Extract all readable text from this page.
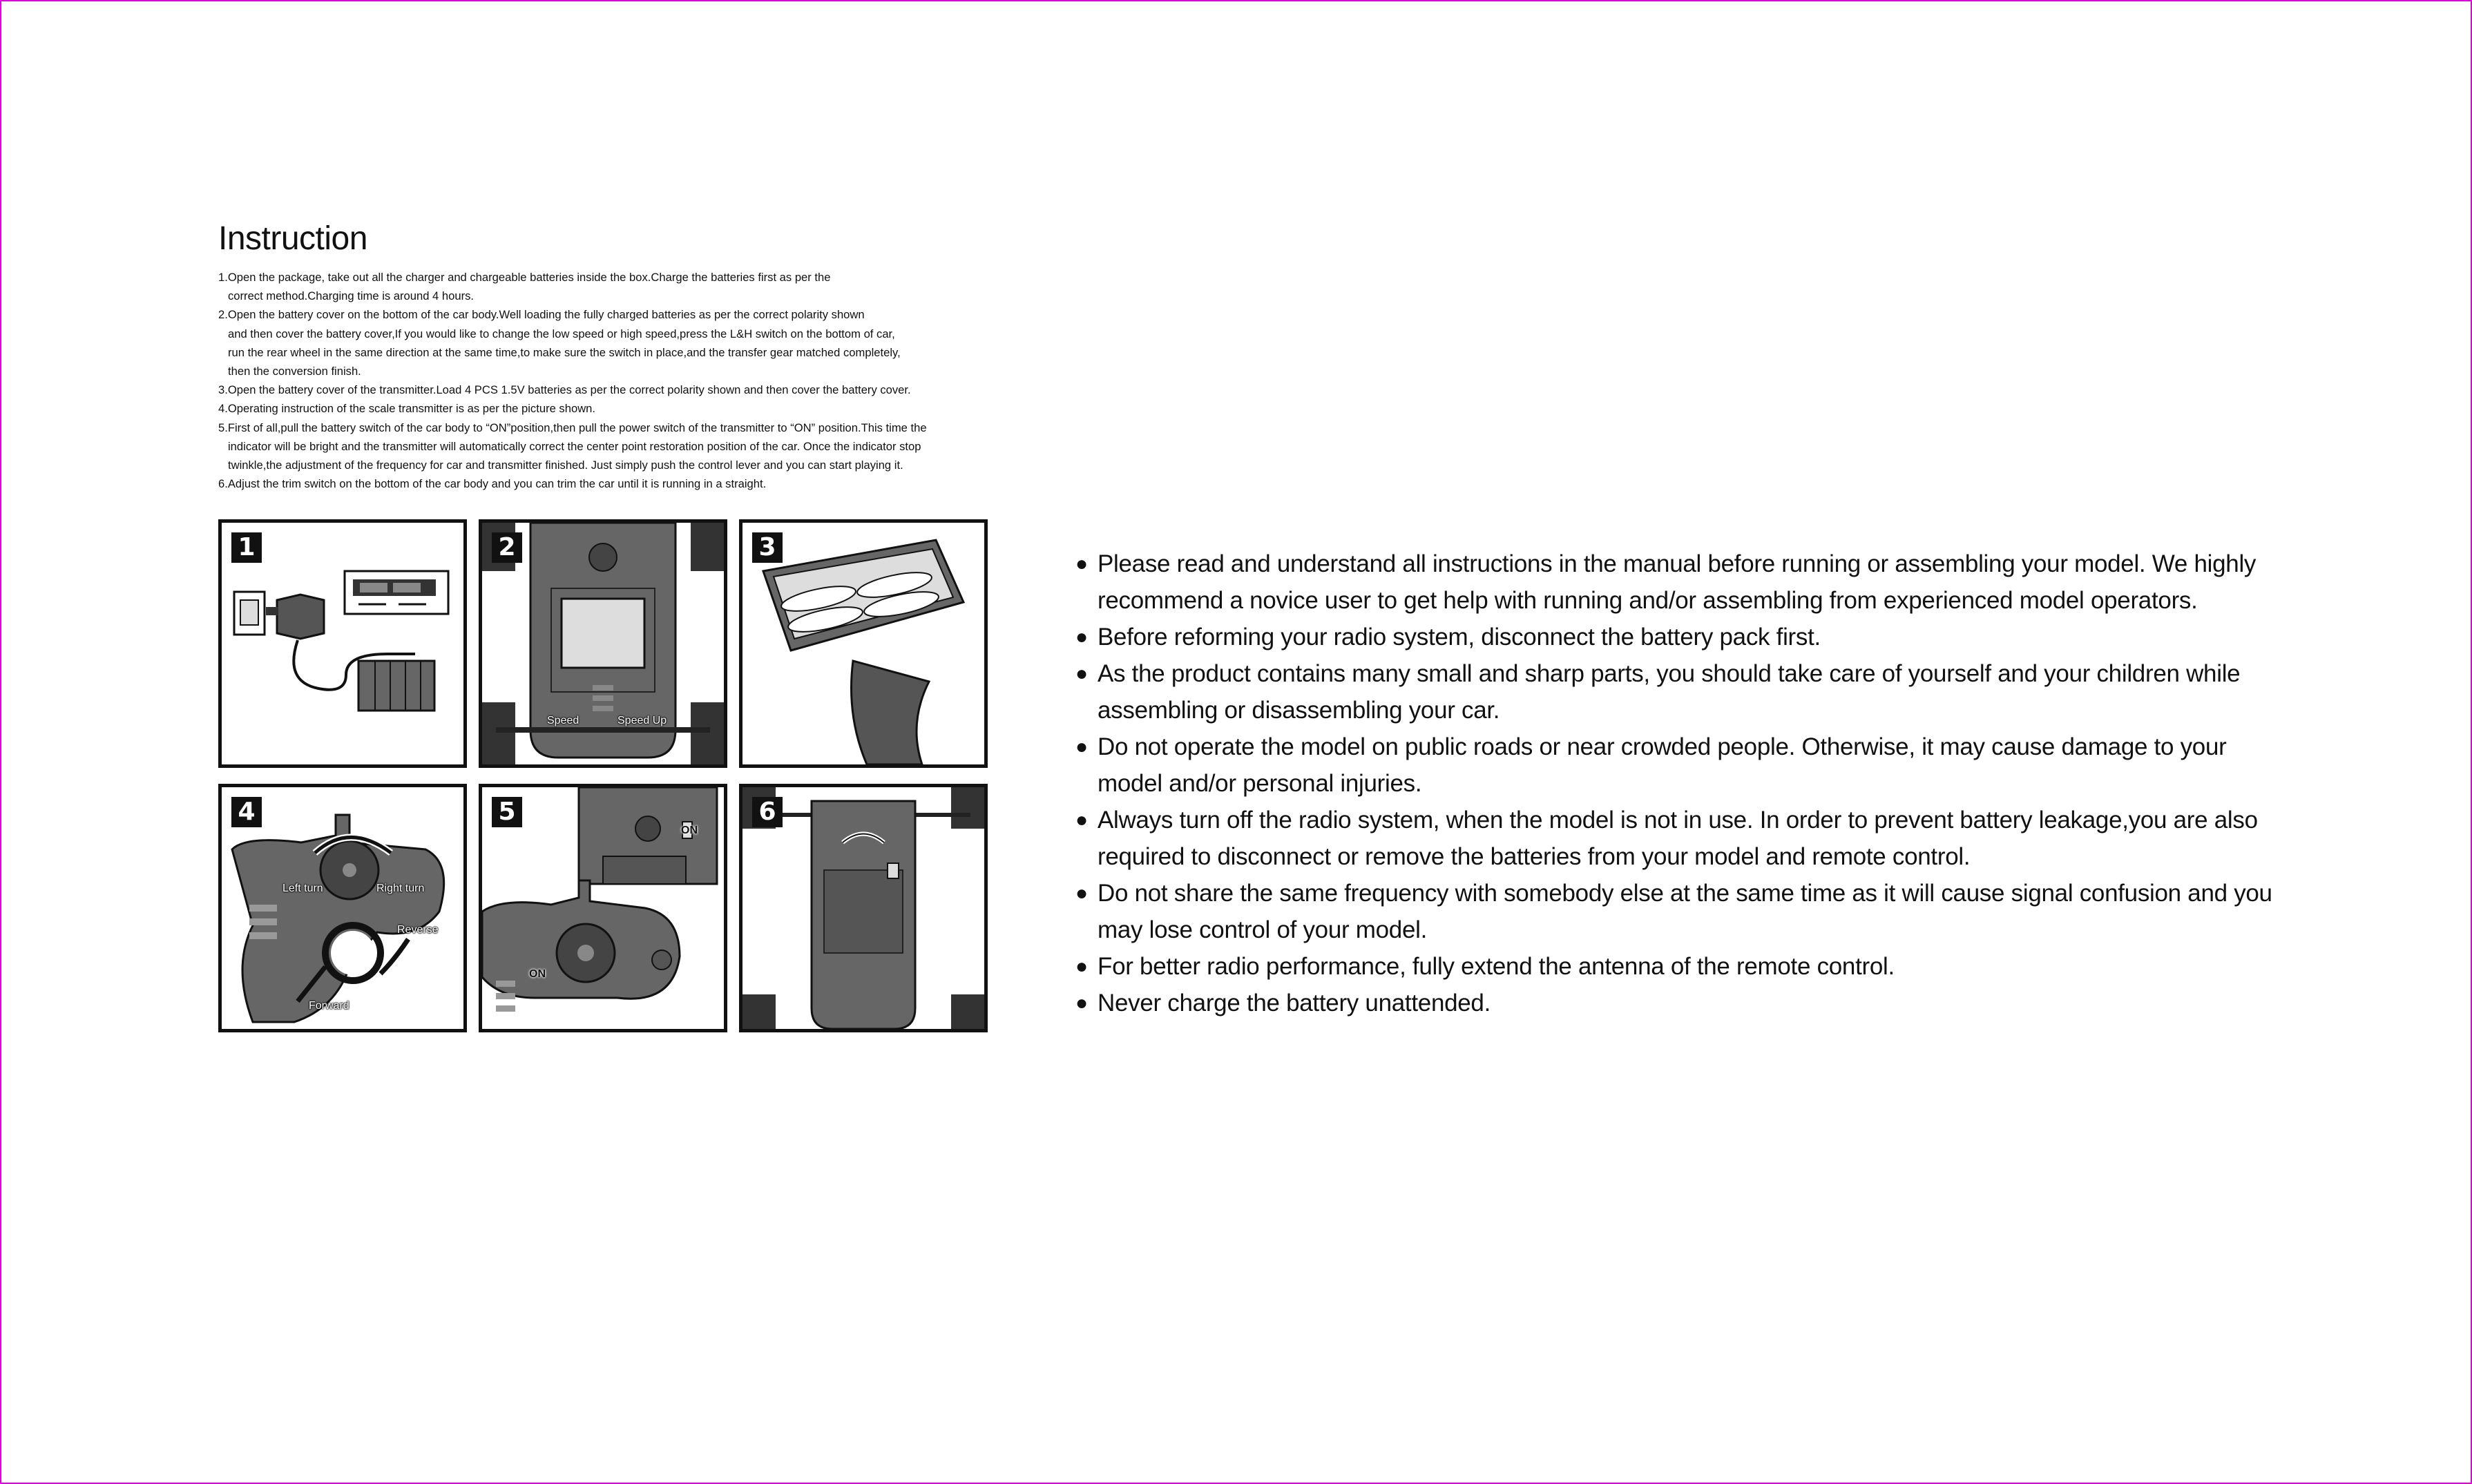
Instruction
1.Open the package, take out all the charger and chargeable batteries inside the box.Charge the batteries first as per the
correct method.Charging time is around 4 hours.
2.Open the battery cover on the bottom of the car body.Well loading the fully charged batteries as per the correct polarity shown
and then cover the battery cover,If you would like to change the low speed or high speed,press the L&H switch on the bottom of car,
run the rear wheel in the same direction at the same time,to make sure the switch in place,and the transfer gear matched completely,
then the conversion finish.
3.Open the battery cover of the transmitter.Load 4 PCS 1.5V batteries as per the correct polarity shown and then cover the battery cover.
4.Operating instruction of the scale transmitter is as per the picture shown.
5.First of all,pull the battery switch of the car body to “ON”position,then pull the power switch of the transmitter to “ON” position.This time the
indicator will be bright and the transmitter will automatically correct the center point restoration position of the car. Once the indicator stop
twinkle,the adjustment of the frequency for car and transmitter finished. Just simply push the control lever and you can start playing it.
6.Adjust the trim switch on the bottom of the car body and you can trim the car until it is running in a straight.
1	2
Speed	Speed Up
3
4
Left turn	Right turn
Reverse
Forward
5
ON
ON
6
● Please read and understand all instructions in the manual before running or assembling your model. We highly recommend a novice user to get help with running and/or assembling from experienced model operators.
● Before reforming your radio system, disconnect the battery pack first.
● As the product contains many small and sharp parts, you should take care of yourself and your children while assembling or disassembling your car.
● Do not operate the model on public roads or near crowded people. Otherwise, it may cause damage to your model and/or personal injuries.
● Always turn off the radio system, when the model is not in use. In order to prevent battery leakage,you are also required to disconnect or remove the batteries from your model and remote control.
● Do not share the same frequency with somebody else at the same time as it will cause signal confusion and you may lose control of your model.
● For better radio performance, fully extend the antenna of the remote control.
● Never charge the battery unattended.
